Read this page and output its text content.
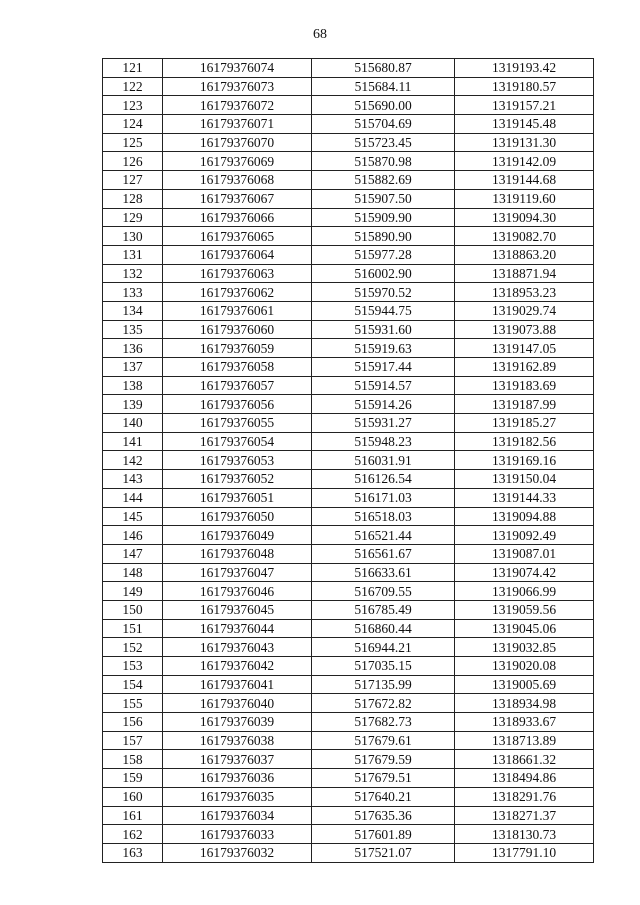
68
121	16179376074	515680.87	1319193.42
122	16179376073	515684.11	1319180.57
123	16179376072	515690.00	1319157.21
124	16179376071	515704.69	1319145.48
125	16179376070	515723.45	1319131.30
126	16179376069	515870.98	1319142.09
127	16179376068	515882.69	1319144.68
128	16179376067	515907.50	1319119.60
129	16179376066	515909.90	1319094.30
130	16179376065	515890.90	1319082.70
131	16179376064	515977.28	1318863.20
132	16179376063	516002.90	1318871.94
133	16179376062	515970.52	1318953.23
134	16179376061	515944.75	1319029.74
135	16179376060	515931.60	1319073.88
136	16179376059	515919.63	1319147.05
137	16179376058	515917.44	1319162.89
138	16179376057	515914.57	1319183.69
139	16179376056	515914.26	1319187.99
140	16179376055	515931.27	1319185.27
141	16179376054	515948.23	1319182.56
142	16179376053	516031.91	1319169.16
143	16179376052	516126.54	1319150.04
144	16179376051	516171.03	1319144.33
145	16179376050	516518.03	1319094.88
146	16179376049	516521.44	1319092.49
147	16179376048	516561.67	1319087.01
148	16179376047	516633.61	1319074.42
149	16179376046	516709.55	1319066.99
150	16179376045	516785.49	1319059.56
151	16179376044	516860.44	1319045.06
152	16179376043	516944.21	1319032.85
153	16179376042	517035.15	1319020.08
154	16179376041	517135.99	1319005.69
155	16179376040	517672.82	1318934.98
156	16179376039	517682.73	1318933.67
157	16179376038	517679.61	1318713.89
158	16179376037	517679.59	1318661.32
159	16179376036	517679.51	1318494.86
160	16179376035	517640.21	1318291.76
161	16179376034	517635.36	1318271.37
162	16179376033	517601.89	1318130.73
163	16179376032	517521.07	1317791.10
